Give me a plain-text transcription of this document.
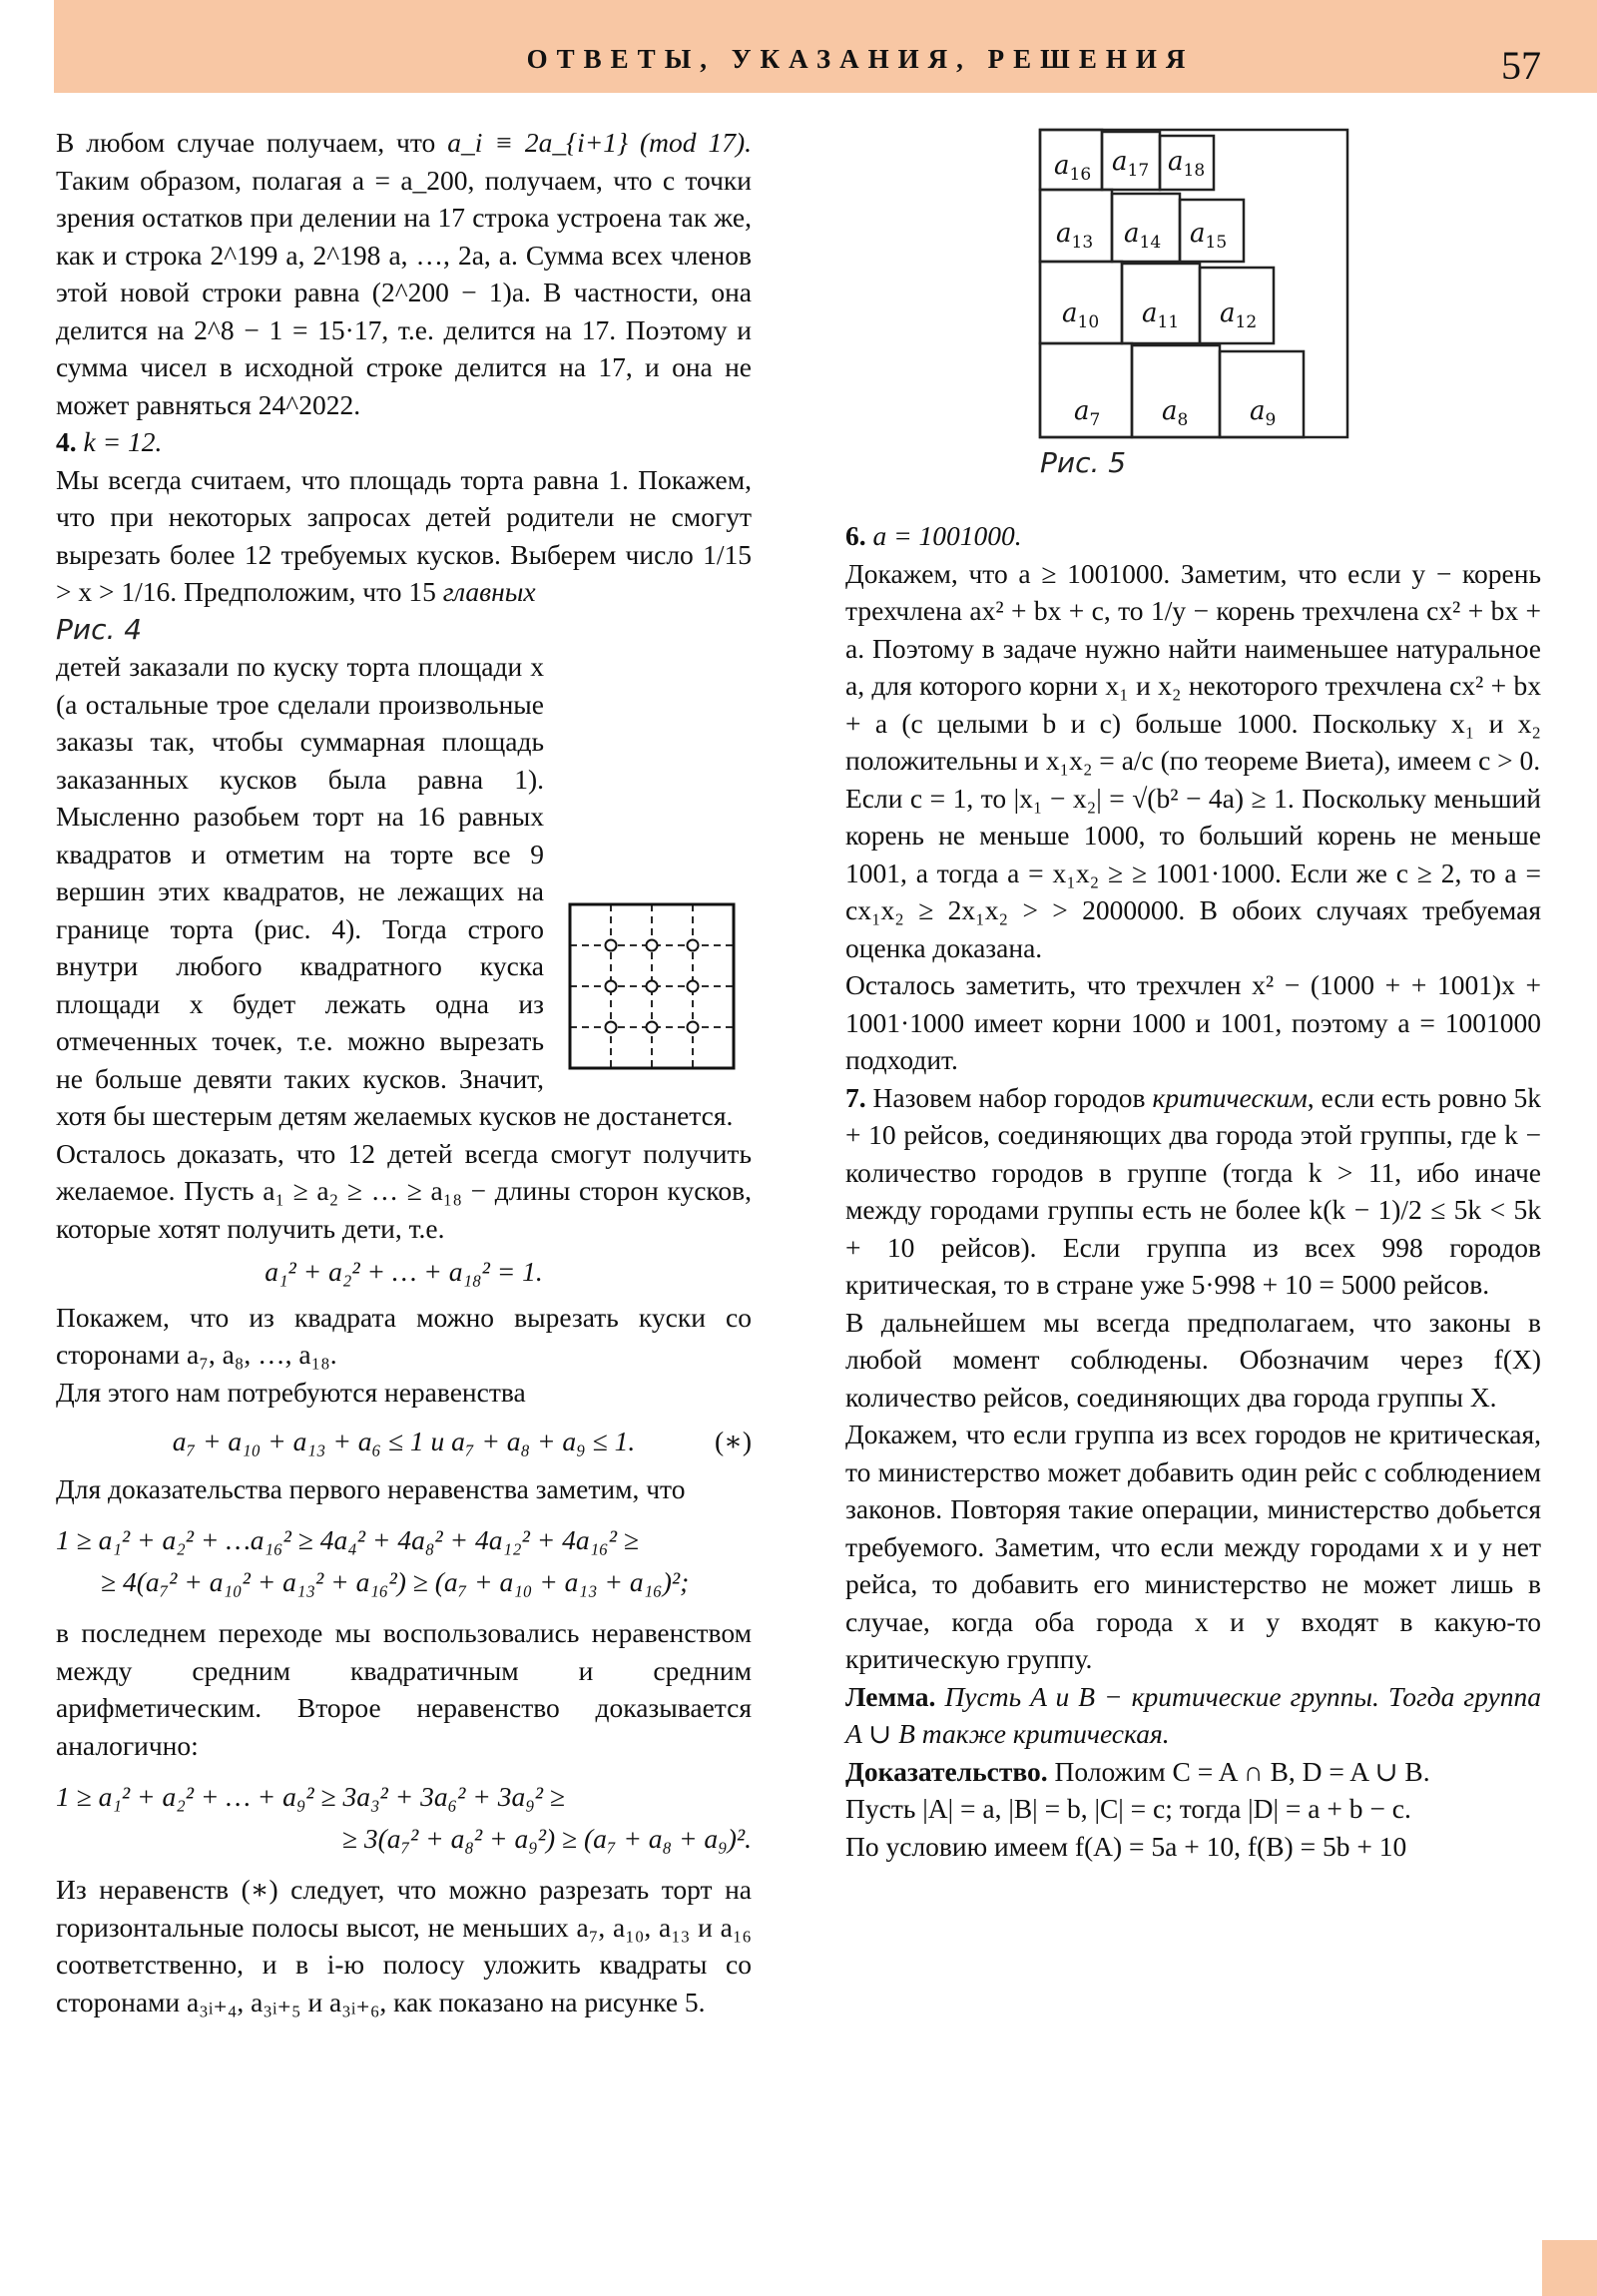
ОТВЕТЫ, УКАЗАНИЯ, РЕШЕНИЯ	57

В любом случае получаем, что a_i ≡ 2a_{i+1} (mod 17). Таким образом, полагая a = a_200, получаем, что с точки зрения остатков при делении на 17 строка устроена так же, как и строка 2^199 a, 2^198 a, …, 2a, a. Сумма всех членов этой новой строки равна (2^200 − 1)a. В частности, она делится на 2^8 − 1 = 15·17, т.е. делится на 17. Поэтому и сумма чисел в исходной строке делится на 17, и она не может равняться 24^2022.

4. k = 12.

Мы всегда считаем, что площадь торта равна 1. Покажем, что при некоторых запросах детей родители не смогут вырезать более 12 требуемых кусков. Выберем число 1/15 > x > 1/16. Предположим, что 15 главных

Рис. 4
детей заказали по куску торта площади x (а остальные трое сделали произвольные заказы так, чтобы суммарная площадь заказанных кусков была равна 1). Мысленно разобьем торт на 16 равных квадратов и отметим на торте все 9 вершин этих квадратов, не лежащих на границе торта (рис. 4). Тогда строго внутри любого квадратного куска площади x будет лежать одна из отмеченных точек, т.е. можно вырезать не больше девяти таких кусков. Значит, хотя бы шестерым детям желаемых кусков не достанется.

Осталось доказать, что 12 детей всегда смогут получить желаемое. Пусть a₁ ≥ a₂ ≥ … ≥ a₁₈ − длины сторон кусков, которые хотят получить дети, т.е.

a₁² + a₂² + … + a₁₈² = 1.

Покажем, что из квадрата можно вырезать куски со сторонами a₇, a₈, …, a₁₈.

Для этого нам потребуются неравенства

a₇ + a₁₀ + a₁₃ + a₆ ≤ 1 и a₇ + a₈ + a₉ ≤ 1.	(∗)

Для доказательства первого неравенства заметим, что

1 ≥ a₁² + a₂² + …a₁₆² ≥ 4a₄² + 4a₈² + 4a₁₂² + 4a₁₆² ≥
≥ 4(a₇² + a₁₀² + a₁₃² + a₁₆²) ≥ (a₇ + a₁₀ + a₁₃ + a₁₆)²;

в последнем переходе мы воспользовались неравенством между средним квадратичным и средним арифметическим. Второе неравенство доказывается аналогично:

1 ≥ a₁² + a₂² + … + a₉² ≥ 3a₃² + 3a₆² + 3a₉² ≥
≥ 3(a₇² + a₈² + a₉²) ≥ (a₇ + a₈ + a₉)².

Из неравенств (∗) следует, что можно разрезать торт на горизонтальные полосы высот, не меньших a₇, a₁₀, a₁₃ и a₁₆ соответственно, и в i-ю полосу уложить квадраты со сторонами a₃ᵢ₊₄, a₃ᵢ₊₅ и a₃ᵢ₊₆, как показано на рисунке 5.

$a_{16}$ $a_{17}$ $a_{18}$
$a_{13}$ $a_{14}$ $a_{15}$
$a_{10}$ $a_{11}$ $a_{12}$
$a_7$ $a_8$ $a_9$
Рис. 5

6. a = 1001000.

Докажем, что a ≥ 1001000. Заметим, что если y − корень трехчлена ax² + bx + c, то 1/y − корень трехчлена cx² + bx + a. Поэтому в задаче нужно найти наименьшее натуральное a, для которого корни x₁ и x₂ некоторого трехчлена cx² + bx + a (с целыми b и c) больше 1000. Поскольку x₁ и x₂ положительны и x₁x₂ = a/c (по теореме Виета), имеем c > 0.

Если c = 1, то |x₁ − x₂| = √(b² − 4a) ≥ 1. Поскольку меньший корень не меньше 1000, то больший корень не меньше 1001, а тогда a = x₁x₂ ≥ ≥ 1001·1000. Если же c ≥ 2, то a = cx₁x₂ ≥ 2x₁x₂ > > 2000000. В обоих случаях требуемая оценка доказана.

Осталось заметить, что трехчлен x² − (1000 + + 1001)x + 1001·1000 имеет корни 1000 и 1001, поэтому a = 1001000 подходит.

7. Назовем набор городов критическим, если есть ровно 5k + 10 рейсов, соединяющих два города этой группы, где k − количество городов в группе (тогда k > 11, ибо иначе между городами группы есть не более k(k − 1)/2 ≤ 5k < 5k + 10 рейсов). Если группа из всех 998 городов критическая, то в стране уже 5·998 + 10 = 5000 рейсов.

В дальнейшем мы всегда предполагаем, что законы в любой момент соблюдены. Обозначим через f(X) количество рейсов, соединяющих два города группы X.

Докажем, что если группа из всех городов не критическая, то министерство может добавить один рейс с соблюдением законов. Повторяя такие операции, министерство добьется требуемого. Заметим, что если между городами x и y нет рейса, то добавить его министерство не может лишь в случае, когда оба города x и y входят в какую-то критическую группу.

Лемма. Пусть A и B − критические группы. Тогда группа A ∪ B также критическая.

Доказательство. Положим C = A ∩ B, D = A ∪ B.

Пусть |A| = a, |B| = b, |C| = c; тогда |D| = a + b − c.

По условию имеем f(A) = 5a + 10, f(B) = 5b + 10
